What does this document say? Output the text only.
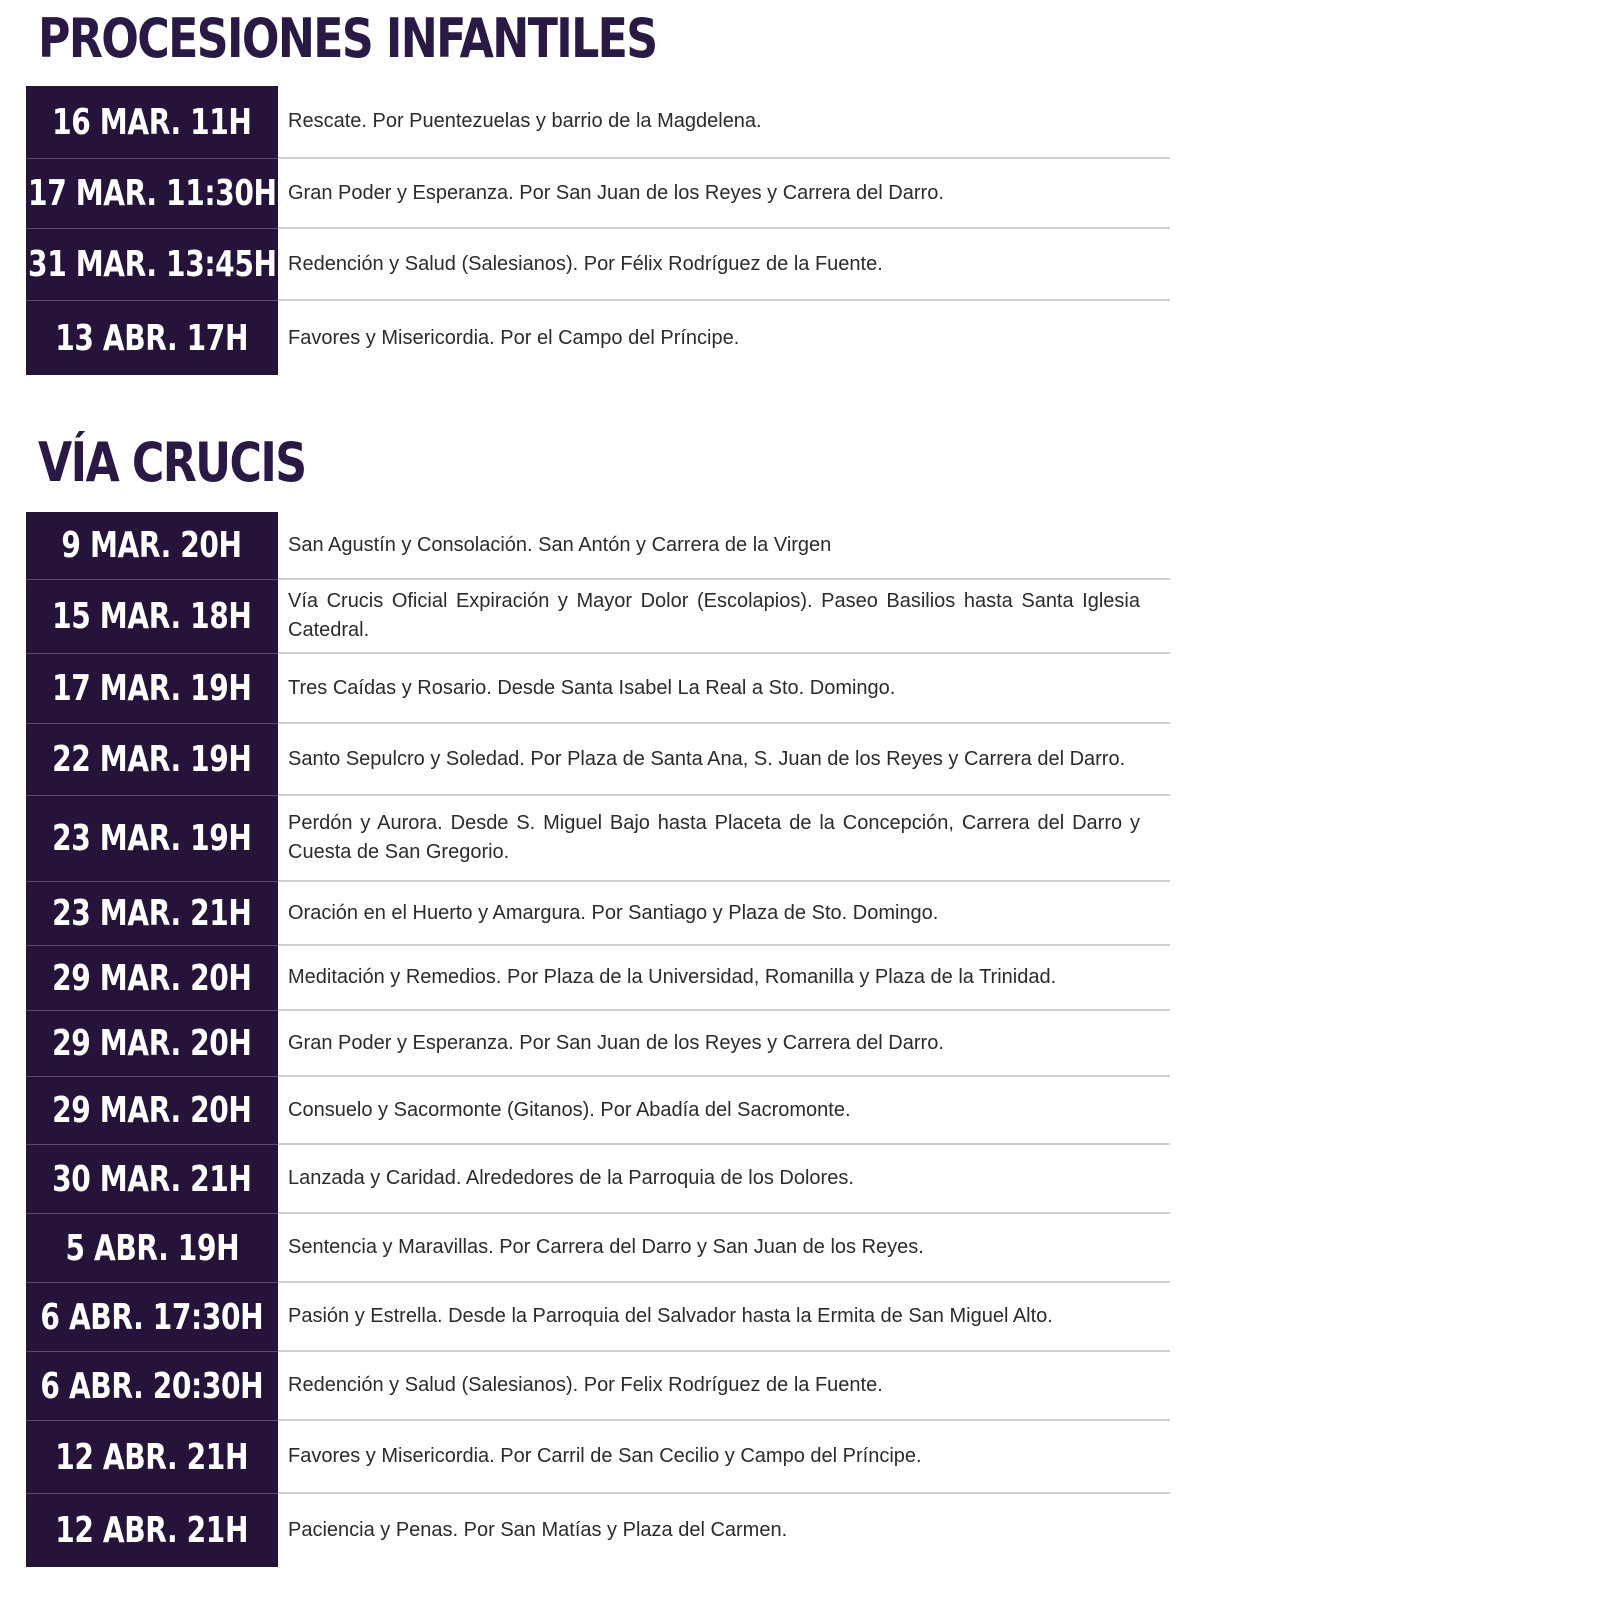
PROCESIONES INFANTILES
16 MAR. 11H Rescate. Por Puentezuelas y barrio de la Magdelena.
17 MAR. 11:30H Gran Poder y Esperanza. Por San Juan de los Reyes y Carrera del Darro.
31 MAR. 13:45H Redención y Salud (Salesianos). Por Félix Rodríguez de la Fuente.
13 ABR. 17H Favores y Misericordia. Por el Campo del Príncipe.
VÍA CRUCIS
9 MAR. 20H San Agustín y Consolación. San Antón y Carrera de la Virgen
15 MAR. 18H Vía Crucis Oficial Expiración y Mayor Dolor (Escolapios). Paseo Basilios hasta Santa Iglesia Catedral.
17 MAR. 19H Tres Caídas y Rosario. Desde Santa Isabel La Real a Sto. Domingo.
22 MAR. 19H Santo Sepulcro y Soledad. Por Plaza de Santa Ana, S. Juan de los Reyes y Carrera del Darro.
23 MAR. 19H Perdón y Aurora. Desde S. Miguel Bajo hasta Placeta de la Concepción, Carrera del Darro y Cuesta de San Gregorio.
23 MAR. 21H Oración en el Huerto y Amargura. Por Santiago y Plaza de Sto. Domingo.
29 MAR. 20H Meditación y Remedios. Por Plaza de la Universidad, Romanilla y Plaza de la Trinidad.
29 MAR. 20H Gran Poder y Esperanza. Por San Juan de los Reyes y Carrera del Darro.
29 MAR. 20H Consuelo y Sacormonte (Gitanos). Por Abadía del Sacromonte.
30 MAR. 21H Lanzada y Caridad. Alrededores de la Parroquia de los Dolores.
5 ABR. 19H Sentencia y Maravillas. Por Carrera del Darro y San Juan de los Reyes.
6 ABR. 17:30H Pasión y Estrella. Desde la Parroquia del Salvador hasta la Ermita de San Miguel Alto.
6 ABR. 20:30H Redención y Salud (Salesianos). Por Felix Rodríguez de la Fuente.
12 ABR. 21H Favores y Misericordia. Por Carril de San Cecilio y Campo del Príncipe.
12 ABR. 21H Paciencia y Penas. Por San Matías y Plaza del Carmen.
